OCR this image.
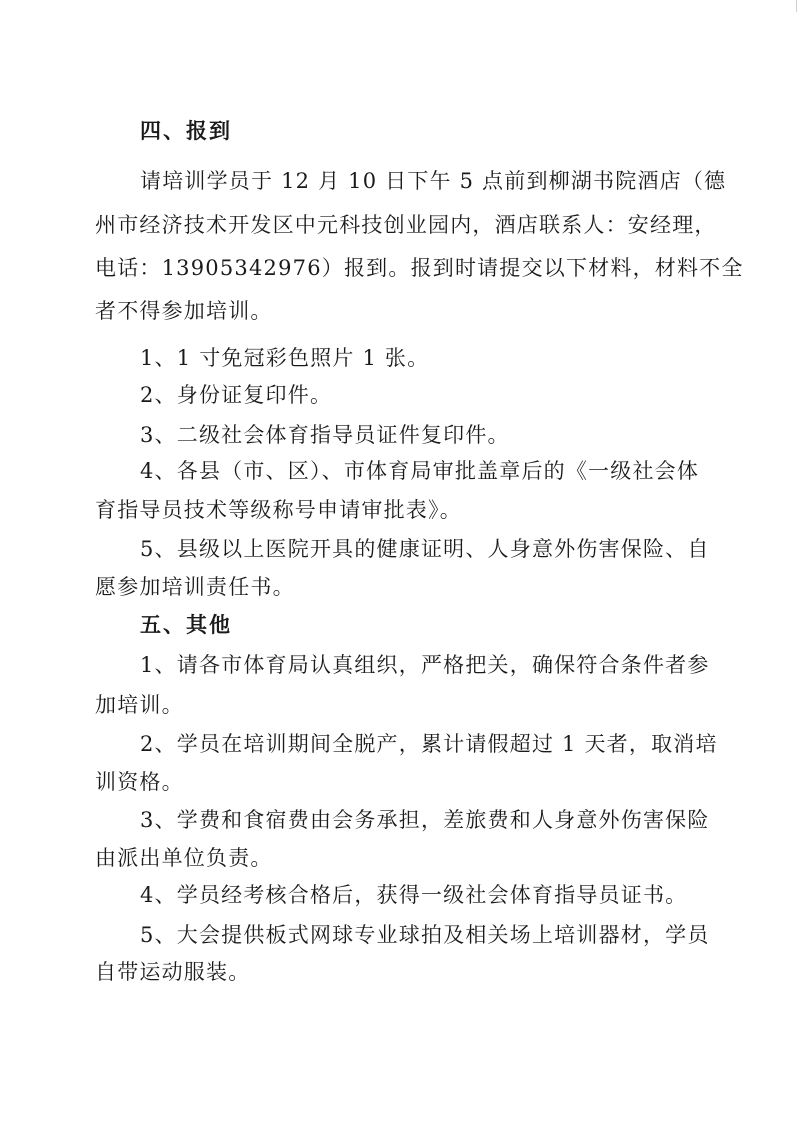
四、报到
请培训学员于 12 月 10 日下午 5 点前到柳湖书院酒店（德
州市经济技术开发区中元科技创业园内，酒店联系人：安经理，
电话：13905342976）报到。报到时请提交以下材料，材料不全
者不得参加培训。
1、1 寸免冠彩色照片 1 张。
2、身份证复印件。
3、二级社会体育指导员证件复印件。
4、各县（市、区）、市体育局审批盖章后的《一级社会体
育指导员技术等级称号申请审批表》。
5、县级以上医院开具的健康证明、人身意外伤害保险、自
愿参加培训责任书。
五、其他
1、请各市体育局认真组织，严格把关，确保符合条件者参
加培训。
2、学员在培训期间全脱产，累计请假超过 1 天者，取消培
训资格。
3、学费和食宿费由会务承担，差旅费和人身意外伤害保险
由派出单位负责。
4、学员经考核合格后，获得一级社会体育指导员证书。
5、大会提供板式网球专业球拍及相关场上培训器材，学员
自带运动服装。
